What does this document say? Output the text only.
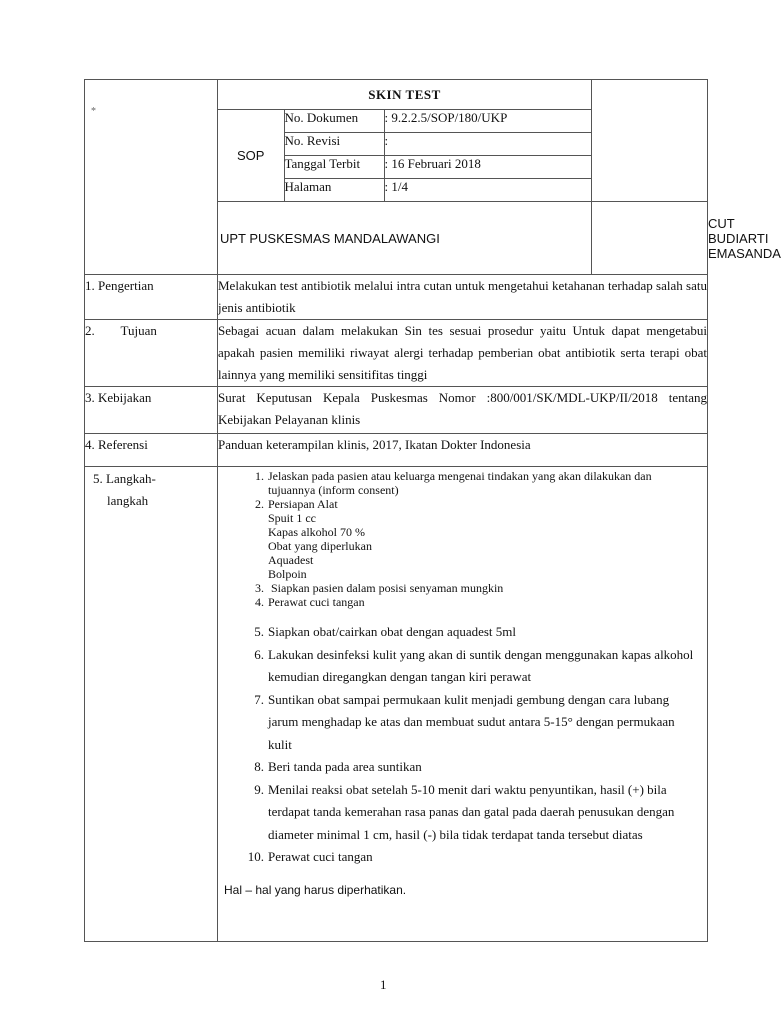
*

SKIN TEST
SOP	No. Dokumen	: 9.2.2.5/SOP/180/UKP
No. Revisi	:
Tanggal Terbit	: 16 Februari 2018
Halaman	: 1/4

UPT PUSKESMAS MANDALAWANGI		CUT BUDIARTI EMASANDA
1. Pengertian	Melakukan test antibiotik melalui intra cutan untuk mengetahui ketahanan terhadap salah satu jenis antibiotik
2.        Tujuan	Sebagai acuan dalam melakukan Sin tes sesuai prosedur yaitu Untuk dapat mengetabui apakah pasien memiliki riwayat alergi terhadap pemberian obat antibiotik serta terapi obat lainnya yang memiliki sensitifitas tinggi
3. Kebijakan	Surat Keputusan Kepala Puskesmas Nomor :800/001/SK/MDL-UKP/II/2018 tentang Kebijakan Pelayanan klinis
4. Referensi	Panduan keterampilan klinis, 2017, Ikatan Dokter Indonesia

5. Langkah-
langkah

1. Jelaskan pada pasien atau keluarga mengenai tindakan yang akan dilakukan dan tujuannya (inform consent)
2. Persiapan Alat
Spuit 1 cc
Kapas alkohol 70 %
Obat yang diperlukan
Aquadest
Bolpoin
3. Siapkan pasien dalam posisi senyaman mungkin
4. Perawat cuci tangan
5. Siapkan obat/cairkan obat dengan aquadest 5ml
6. Lakukan desinfeksi kulit yang akan di suntik dengan menggunakan kapas alkohol kemudian diregangkan dengan tangan kiri perawat
7. Suntikan obat sampai permukaan kulit menjadi gembung dengan cara lubang jarum menghadap ke atas dan membuat sudut antara 5-15° dengan permukaan kulit
8. Beri tanda pada area suntikan
9. Menilai reaksi obat setelah 5-10 menit dari waktu penyuntikan, hasil (+) bila terdapat tanda kemerahan rasa panas dan gatal pada daerah penusukan dengan diameter minimal 1 cm, hasil (-) bila tidak terdapat tanda tersebut diatas
10. Perawat cuci tangan
Hal – hal yang harus diperhatikan.
1
